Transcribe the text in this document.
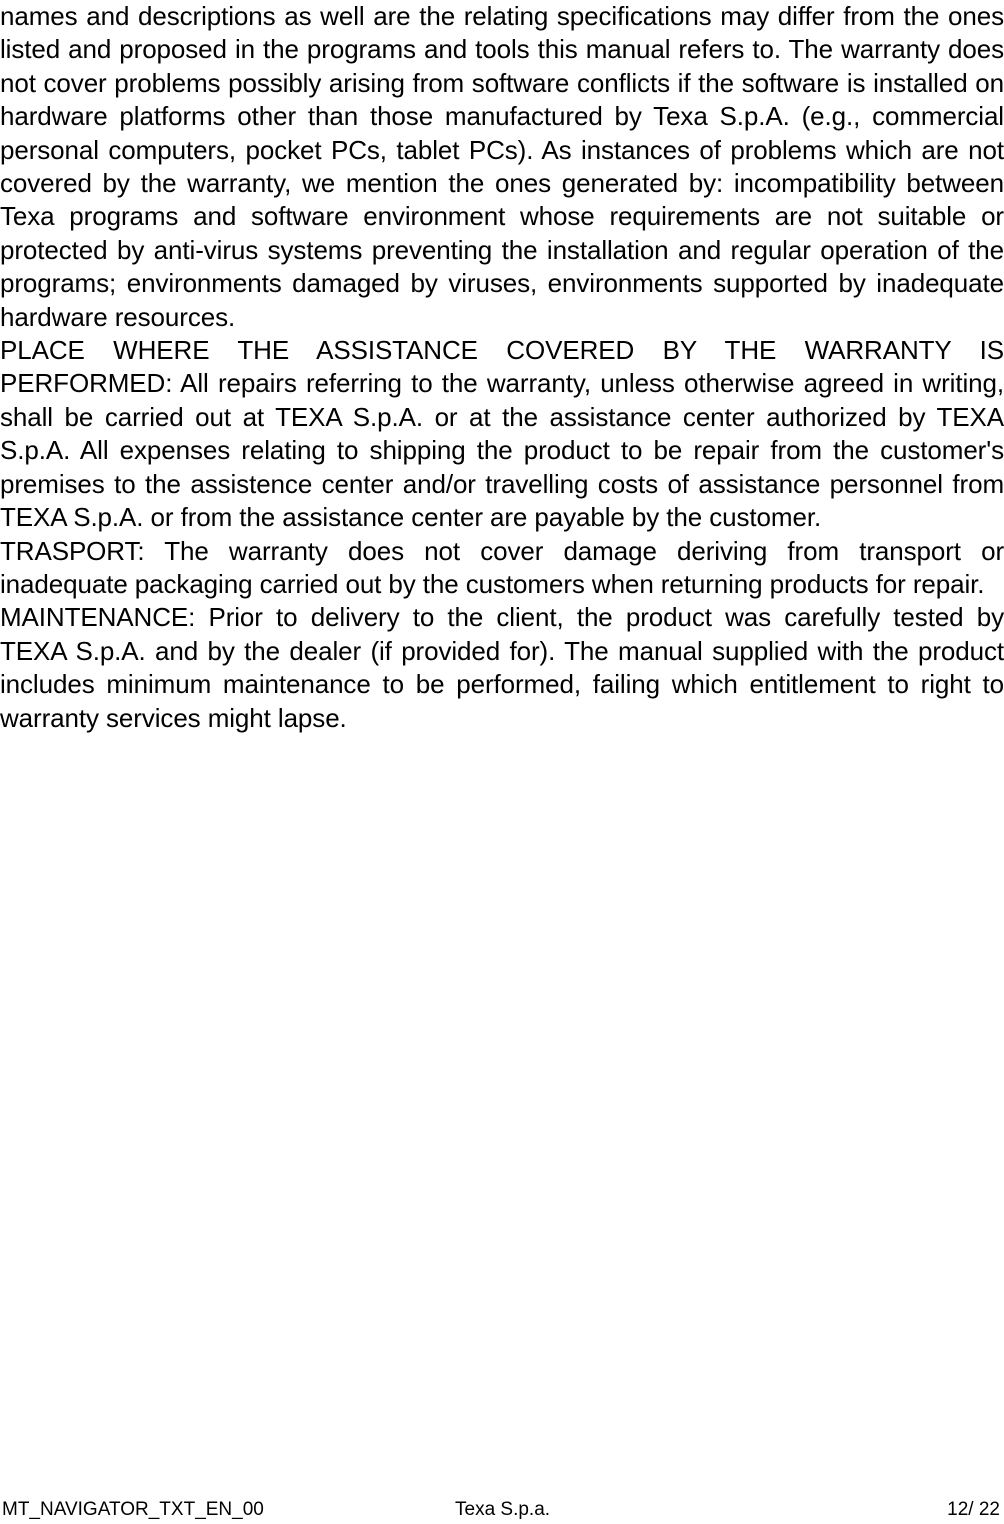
names and descriptions as well are the relating specifications may differ from the ones listed and proposed in the programs and tools this manual refers to. The warranty does not cover problems possibly arising from software conflicts if the software is installed on hardware platforms other than those manufactured by Texa S.p.A. (e.g., commercial personal computers, pocket PCs, tablet PCs). As instances of problems which are not covered by the warranty, we mention the ones generated by: incompatibility between Texa programs and software environment whose requirements are not suitable or protected by anti-virus systems preventing the installation and regular operation of the programs; environments damaged by viruses, environments supported by inadequate hardware resources.

PLACE WHERE THE ASSISTANCE COVERED BY THE WARRANTY IS PERFORMED: All repairs referring to the warranty, unless otherwise agreed in writing, shall be carried out at TEXA S.p.A. or at the assistance center authorized by TEXA S.p.A. All expenses relating to shipping the product to be repair from the customer's premises to the assistence center and/or travelling costs of assistance personnel from TEXA S.p.A. or from the assistance center are payable by the customer.

TRASPORT: The warranty does not cover damage deriving from transport or inadequate packaging carried out by the customers when returning products for repair.

MAINTENANCE: Prior to delivery to the client, the product was carefully tested by TEXA S.p.A. and by the dealer (if provided for). The manual supplied with the product includes minimum maintenance to be performed, failing which entitlement to right to warranty services might lapse.

MT_NAVIGATOR_TXT_EN_00	Texa S.p.a.	12/ 22
